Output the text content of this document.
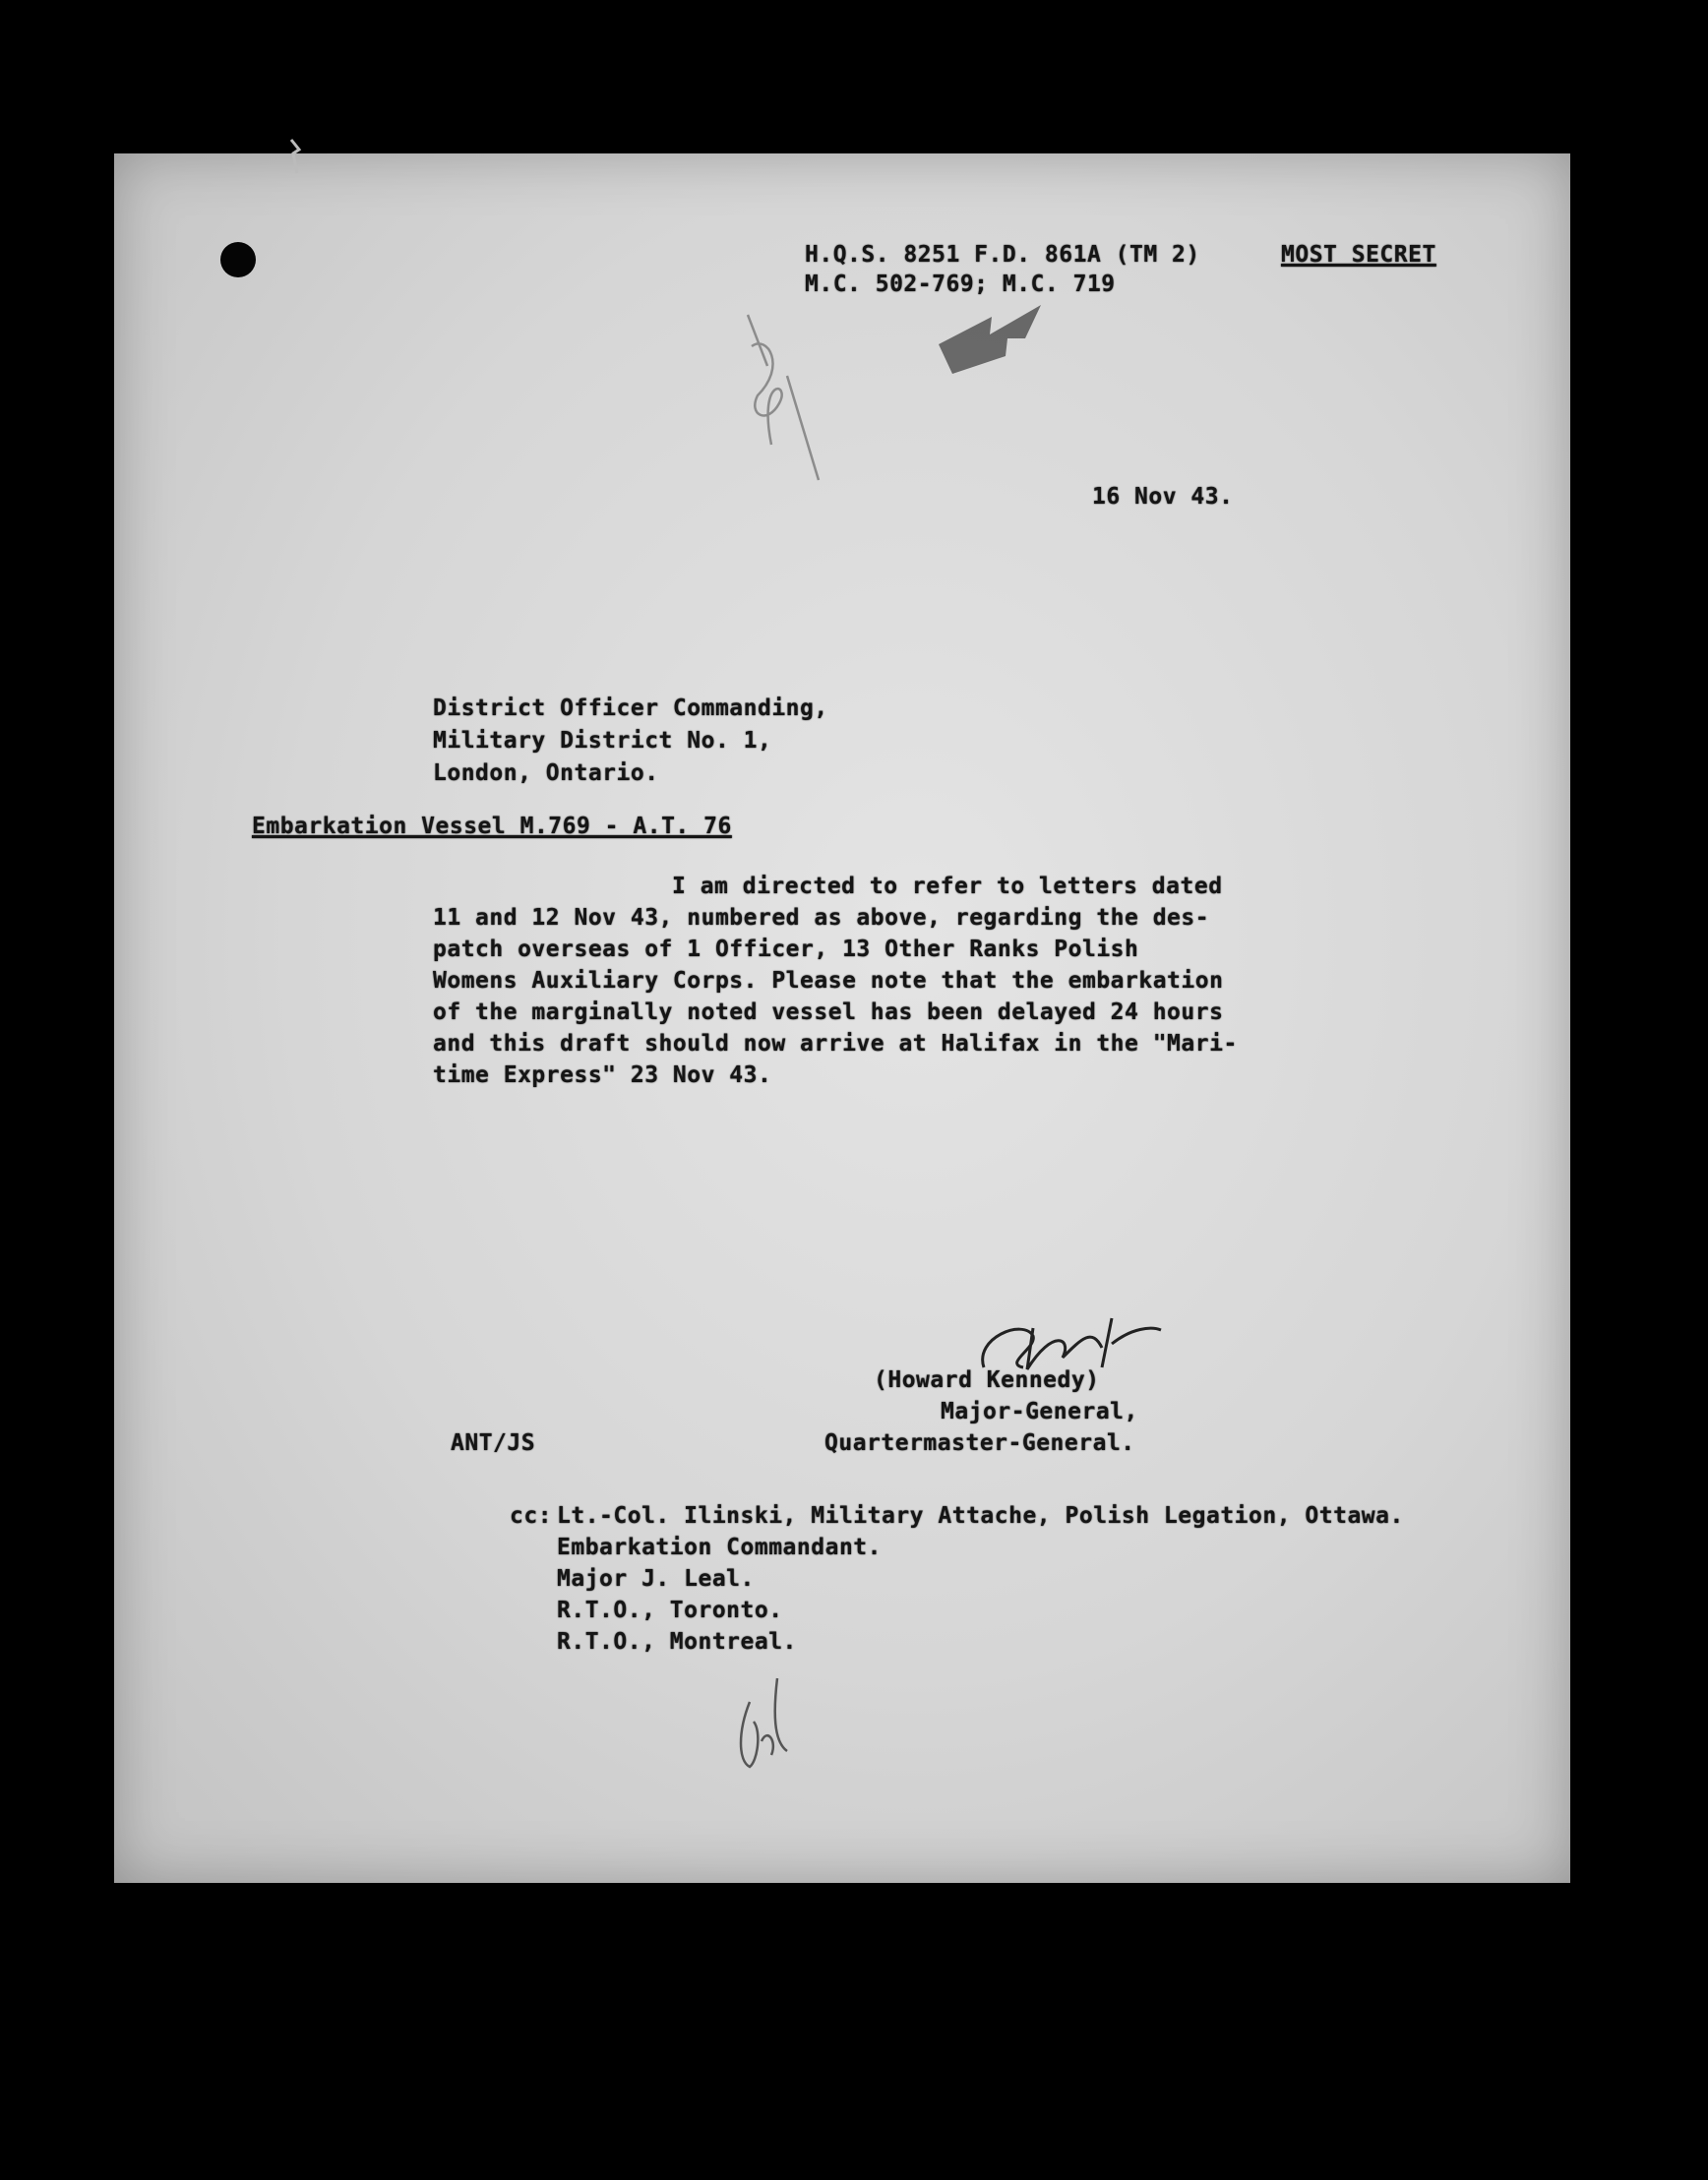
H.Q.S. 8251 F.D. 861A (TM 2)	MOST SECRET
M.C. 502-769; M.C. 719
16 Nov 43.
District Officer Commanding,
Military District No. 1,
London, Ontario.
Embarkation Vessel M.769 - A.T. 76
I am directed to refer to letters dated
11 and 12 Nov 43, numbered as above, regarding the des-
patch overseas of 1 Officer, 13 Other Ranks Polish
Womens Auxiliary Corps. Please note that the embarkation
of the marginally noted vessel has been delayed 24 hours
and this draft should now arrive at Halifax in the "Mari-
time Express" 23 Nov 43.
(Howard Kennedy)
Major-General,
Quartermaster-General.
ANT/JS
cc: Lt.-Col. Ilinski, Military Attache, Polish Legation, Ottawa.
Embarkation Commandant.
Major J. Leal.
R.T.O., Toronto.
R.T.O., Montreal.
